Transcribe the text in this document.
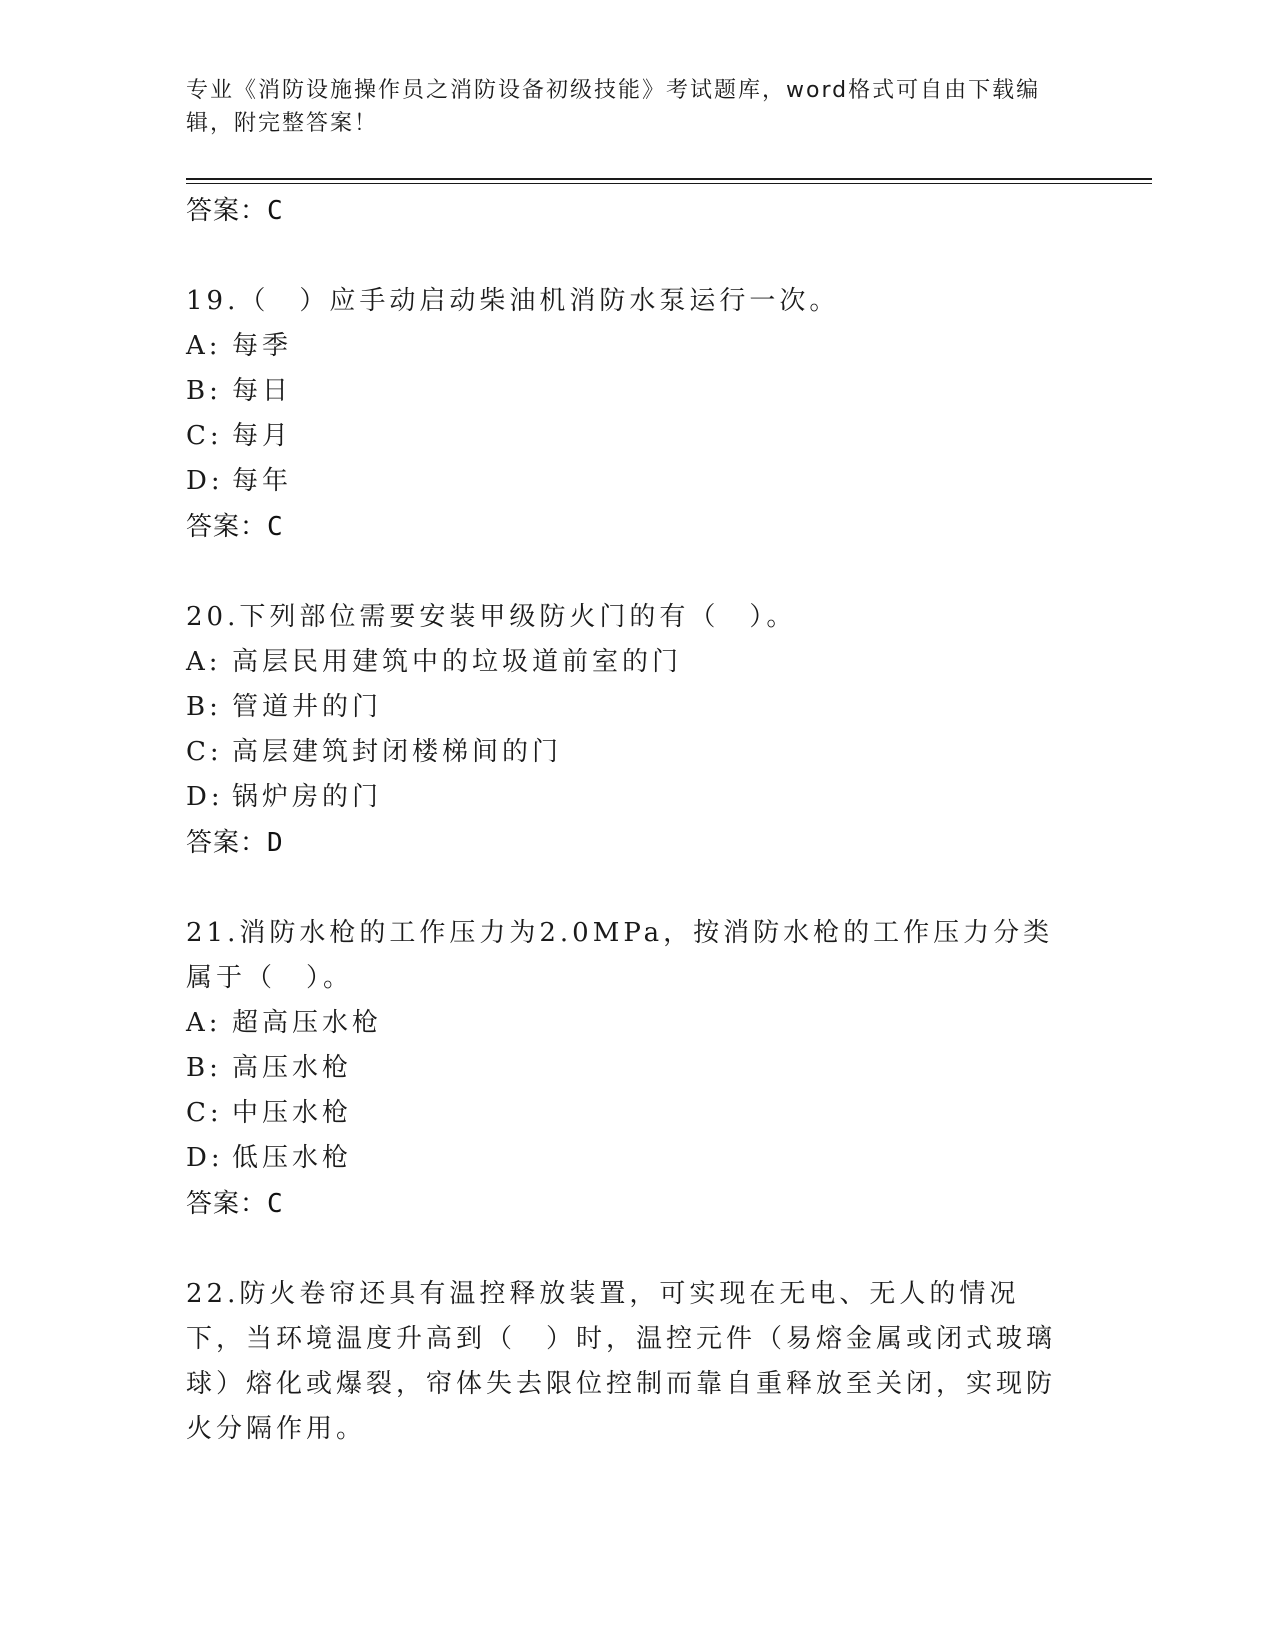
专业《消防设施操作员之消防设备初级技能》考试题库，word格式可自由下载编辑，附完整答案！
答案：C
19.（　）应手动启动柴油机消防水泵运行一次。
A: 每季
B: 每日
C: 每月
D: 每年
答案：C
20.下列部位需要安装甲级防火门的有（　）。
A: 高层民用建筑中的垃圾道前室的门
B: 管道井的门
C: 高层建筑封闭楼梯间的门
D: 锅炉房的门
答案：D
21.消防水枪的工作压力为2.0MPa，按消防水枪的工作压力分类属于（　）。
A: 超高压水枪
B: 高压水枪
C: 中压水枪
D: 低压水枪
答案：C
22.防火卷帘还具有温控释放装置，可实现在无电、无人的情况下，当环境温度升高到（　）时，温控元件（易熔金属或闭式玻璃球）熔化或爆裂，帘体失去限位控制而靠自重释放至关闭，实现防火分隔作用。
